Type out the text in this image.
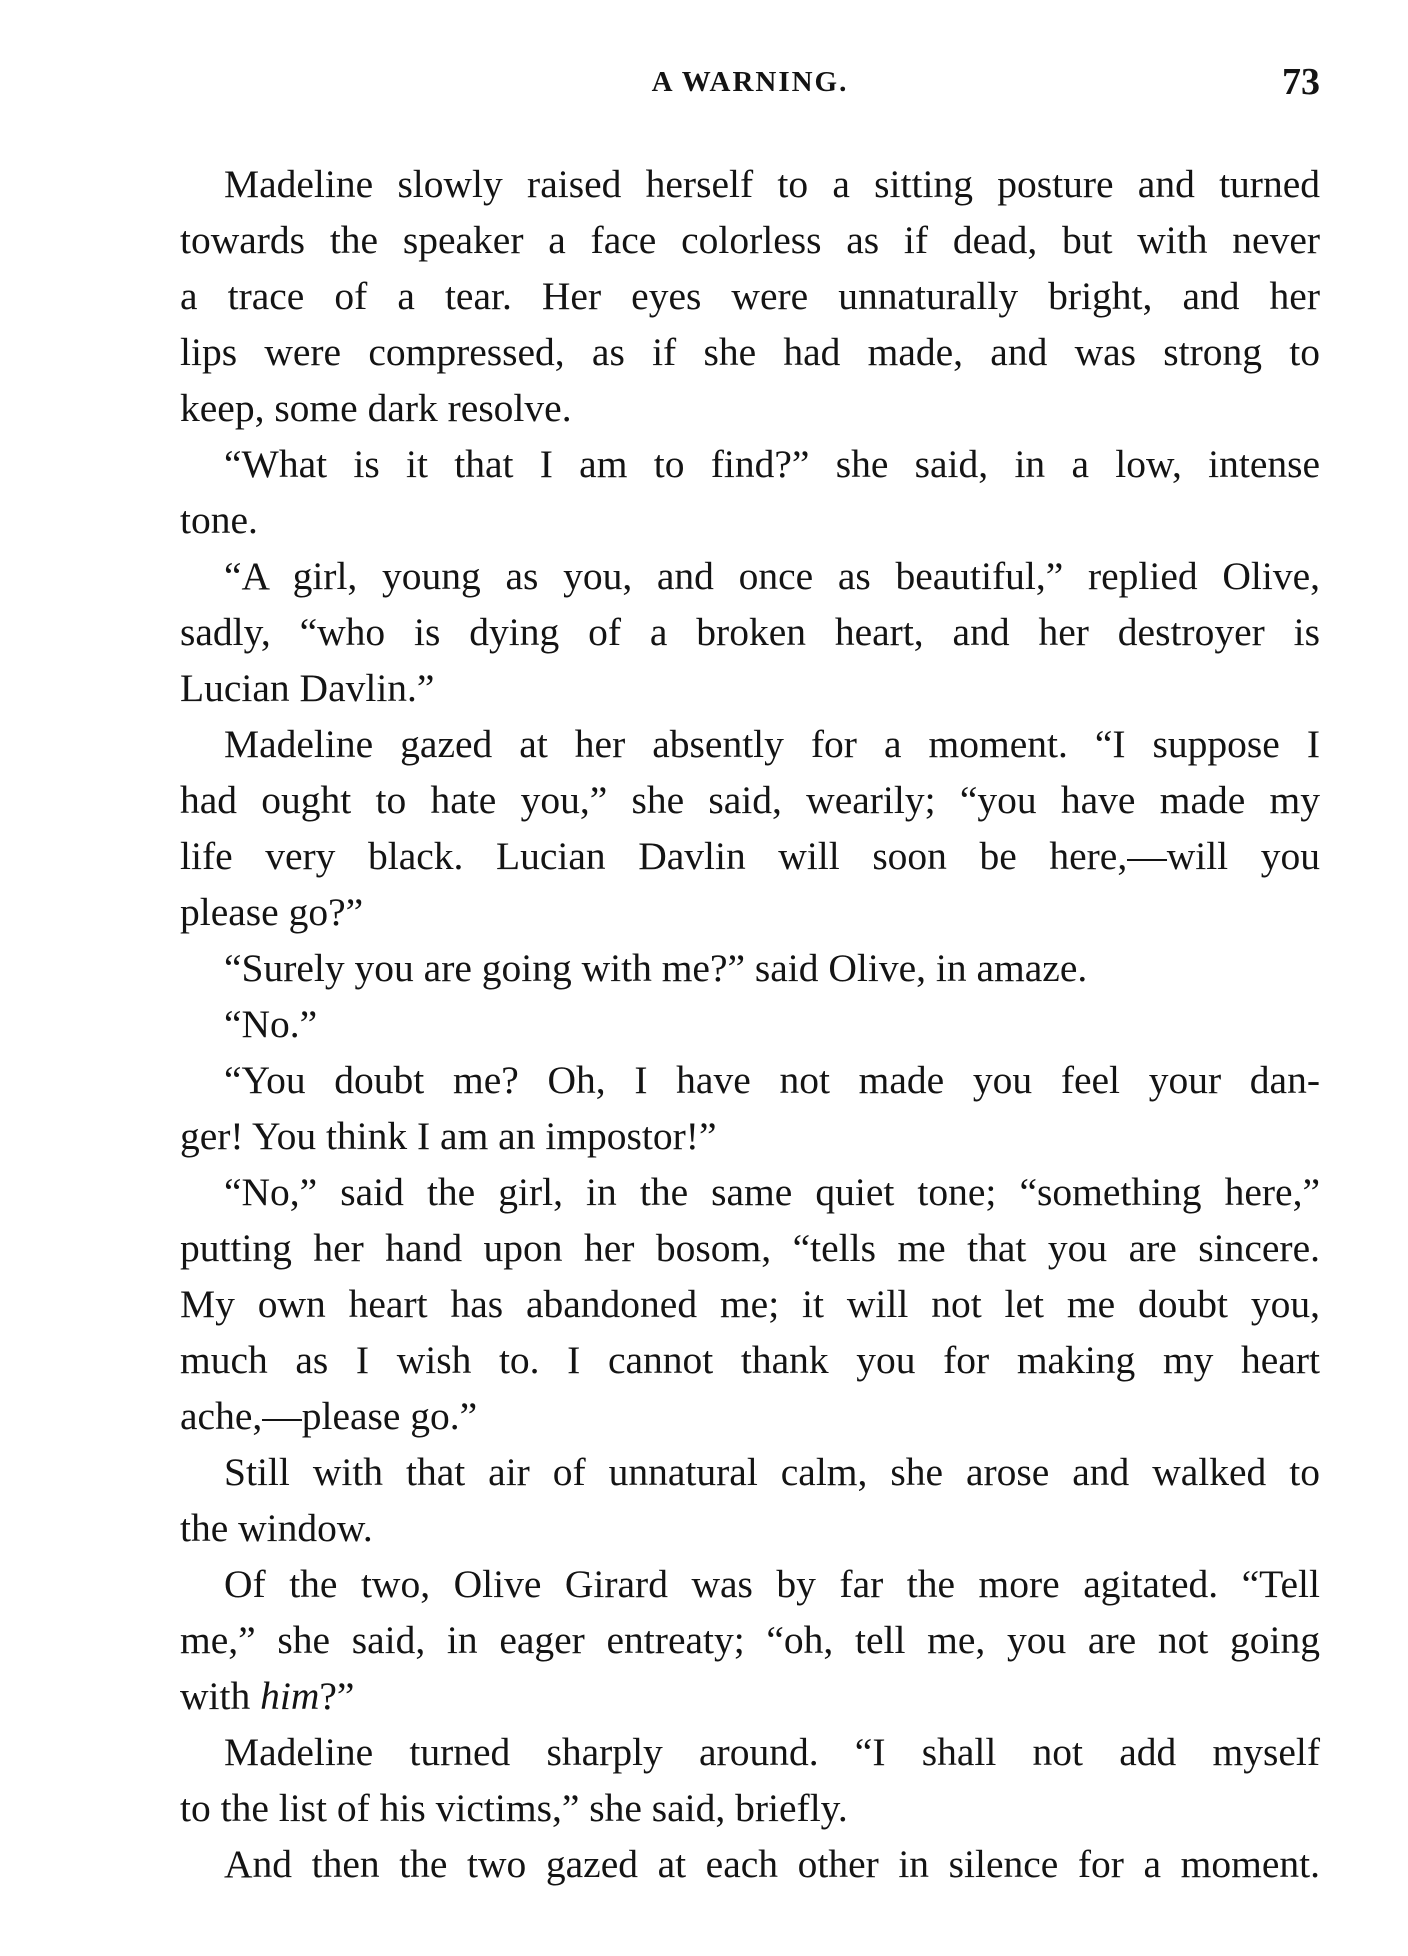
A WARNING.	73
Madeline slowly raised herself to a sitting posture and turned
towards the speaker a face colorless as if dead, but with never
a trace of a tear. Her eyes were unnaturally bright, and her
lips were compressed, as if she had made, and was strong to
keep, some dark resolve.
“What is it that I am to find?” she said, in a low, intense
tone.
“A girl, young as you, and once as beautiful,” replied Olive,
sadly, “who is dying of a broken heart, and her destroyer is
Lucian Davlin.”
Madeline gazed at her absently for a moment. “I suppose I
had ought to hate you,” she said, wearily; “you have made my
life very black. Lucian Davlin will soon be here,—will you
please go?”
“Surely you are going with me?” said Olive, in amaze.
“No.”
“You doubt me? Oh, I have not made you feel your dan-
ger! You think I am an impostor!”
“No,” said the girl, in the same quiet tone; “something here,”
putting her hand upon her bosom, “tells me that you are sincere.
My own heart has abandoned me; it will not let me doubt you,
much as I wish to. I cannot thank you for making my heart
ache,—please go.”
Still with that air of unnatural calm, she arose and walked to
the window.
Of the two, Olive Girard was by far the more agitated. “Tell
me,” she said, in eager entreaty; “oh, tell me, you are not going
with him?”
Madeline turned sharply around. “I shall not add myself
to the list of his victims,” she said, briefly.
And then the two gazed at each other in silence for a moment.
